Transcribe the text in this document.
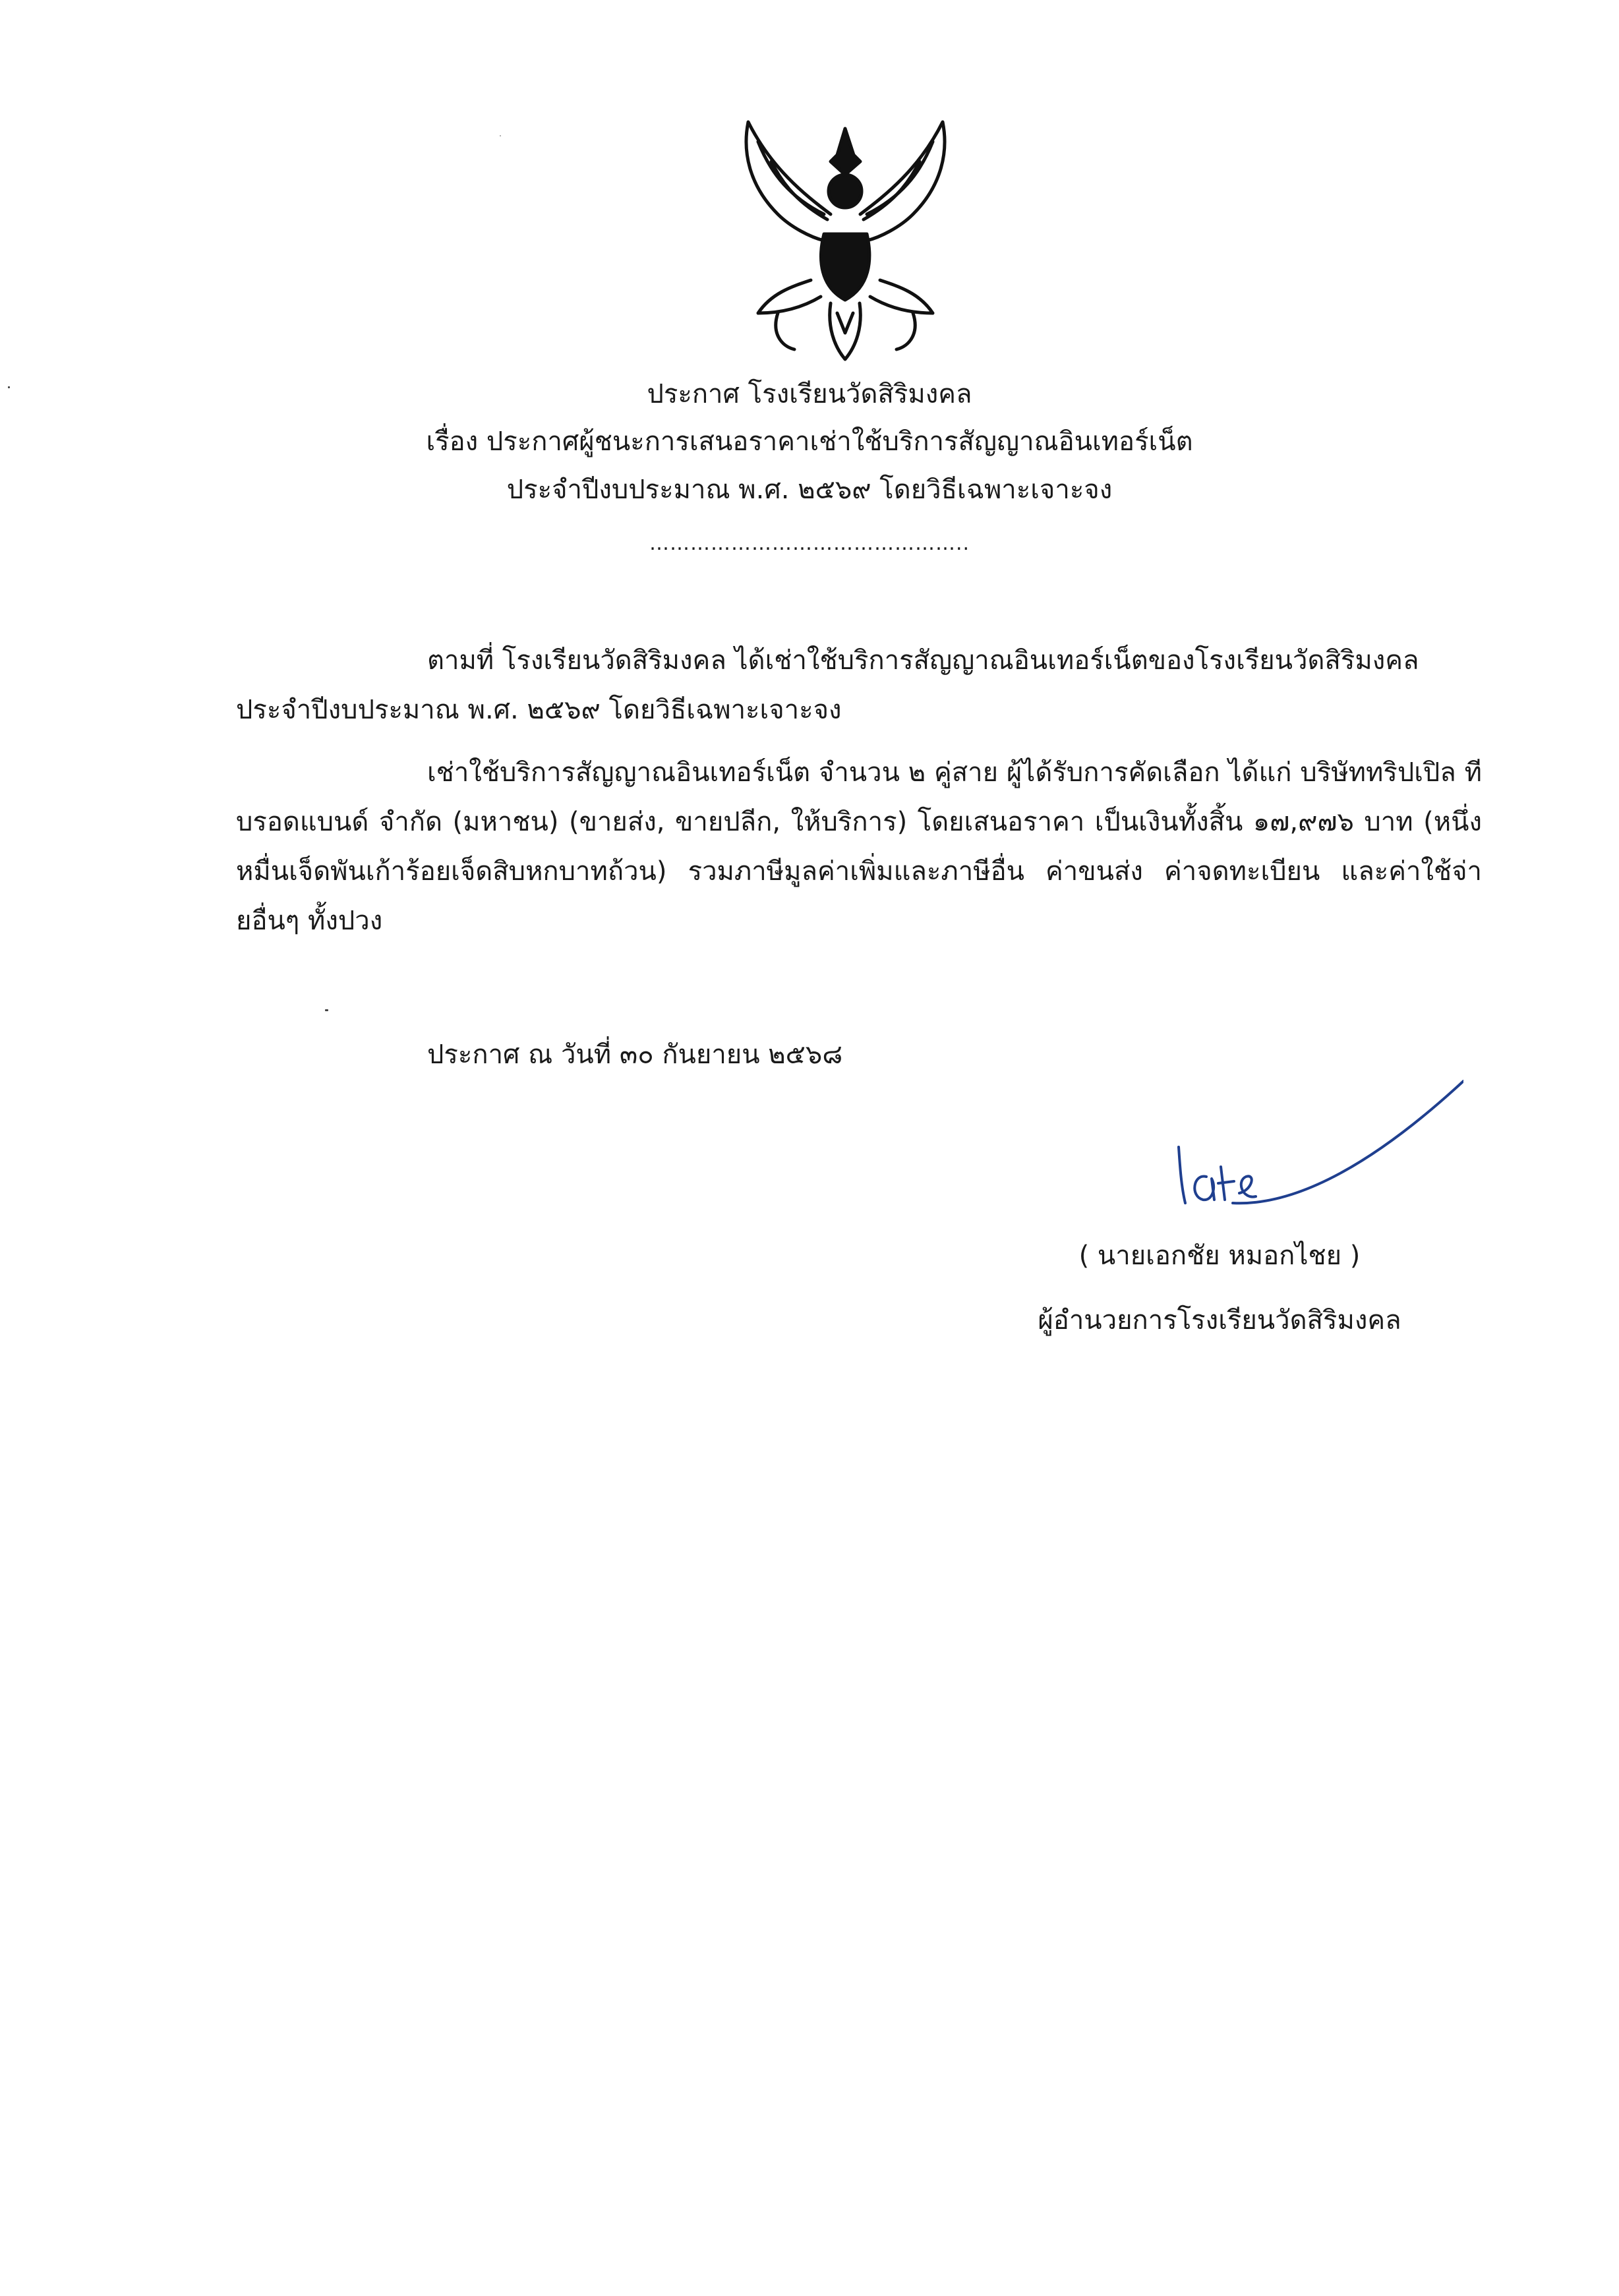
ประกาศ โรงเรียนวัดสิริมงคล
เรื่อง ประกาศผู้ชนะการเสนอราคาเช่าใช้บริการสัญญาณอินเทอร์เน็ต
ประจำปีงบประมาณ พ.ศ. ๒๕๖๙ โดยวิธีเฉพาะเจาะจง
………………………………………..
ตามที่ โรงเรียนวัดสิริมงคล ได้เช่าใช้บริการสัญญาณอินเทอร์เน็ตของโรงเรียนวัดสิริมงคล ประจำปีงบประมาณ พ.ศ. ๒๕๖๙ โดยวิธีเฉพาะเจาะจง
เช่าใช้บริการสัญญาณอินเทอร์เน็ต จำนวน ๒ คู่สาย ผู้ได้รับการคัดเลือก ได้แก่ บริษัททริปเปิล ที บรอดแบนด์ จำกัด (มหาชน) (ขายส่ง, ขายปลีก, ให้บริการ) โดยเสนอราคา เป็นเงินทั้งสิ้น ๑๗,๙๗๖ บาท (หนึ่งหมื่นเจ็ดพันเก้าร้อยเจ็ดสิบหกบาทถ้วน) รวมภาษีมูลค่าเพิ่มและภาษีอื่น ค่าขนส่ง ค่าจดทะเบียน และค่าใช้จ่ายอื่นๆ ทั้งปวง
ประกาศ ณ วันที่ ๓๐ กันยายน ๒๕๖๘
( นายเอกชัย หมอกไชย )
ผู้อำนวยการโรงเรียนวัดสิริมงคล
